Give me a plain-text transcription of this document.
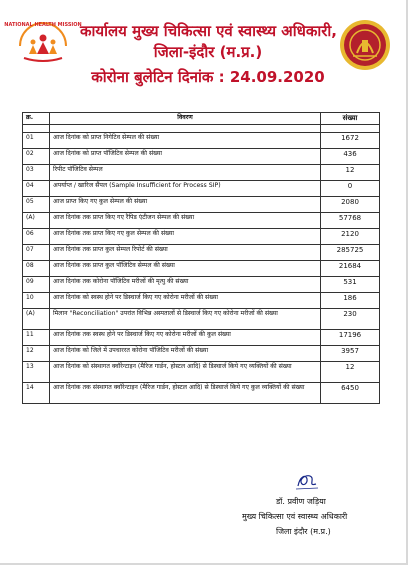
NATIONAL HEALTH MISSION
कार्यालय मुख्य चिकित्सा एवं स्वास्थ्य अधिकारी,
जिला-इंदौर (म.प्र.)
कोरोना बुलेटिन दिनांक : 24.09.2020
क्र.	विवरण	संख्या

01	आज दिनांक को प्राप्त निगेटिव सेम्पल की संख्या	1672
02	आज दिनांक को प्राप्त पॉजिटिव सेम्पल की संख्या	436
03	रिपीट पॉजिटिव सेम्पल	12
04	अपर्याप्त / खारिज सैंपल (Sample Insufficient for Process SIP)	0
05	आज प्राप्त किए गए कुल सेम्पल की संख्या	2080
(A)	आज दिनांक तक प्राप्त किए गए रैपिड एंटीजन सेम्पल की संख्या	57768
06	आज दिनांक तक प्राप्त किए गए कुल सेम्पल की संख्या	2120
07	आज दिनांक तक प्राप्त कुल सेम्पल रिपोर्ट की संख्या	285725
08	आज दिनांक तक प्राप्त कुल पॉजिटिव सेम्पल की संख्या	21684
09	आज दिनांक तक कोरोना पॉजिटिव मरीजों की मृत्यु की संख्या	531
10	आज दिनांक को स्वस्थ होने पर डिस्चार्ज किए गए कोरोना मरीजों की संख्या	186
(A)	मिलान "Reconciliation" उपरांत विभिन्न अस्पतालों से डिस्चार्ज किए गए कोरोना मरीजों की संख्या	230
11	आज दिनांक तक स्वस्थ होने पर डिस्चार्ज किए गए कोरोना मरीजों की कुल संख्या	17196
12	आज दिनांक को जिले में उपचाररत कोरोना पॉजिटिव मरीजों की संख्या	3957
13	आज दिनांक को संस्थागत क्वॉरेन्टाइन (मैरिज गार्डन, होस्टल आदि) से डिस्चार्ज किये गए व्यक्तियों की संख्या	12
14	आज दिनांक तक संस्थागत क्वॉरेन्टाइन (मैरिज गार्डन, होस्टल आदि) से डिस्चार्ज किये गए कुल व्यक्तियों की संख्या	6450
डॉ. प्रवीण जड़िया
मुख्य चिकित्सा एवं स्वास्थ्य अधिकारी
जिला इंदौर (म.प्र.)
